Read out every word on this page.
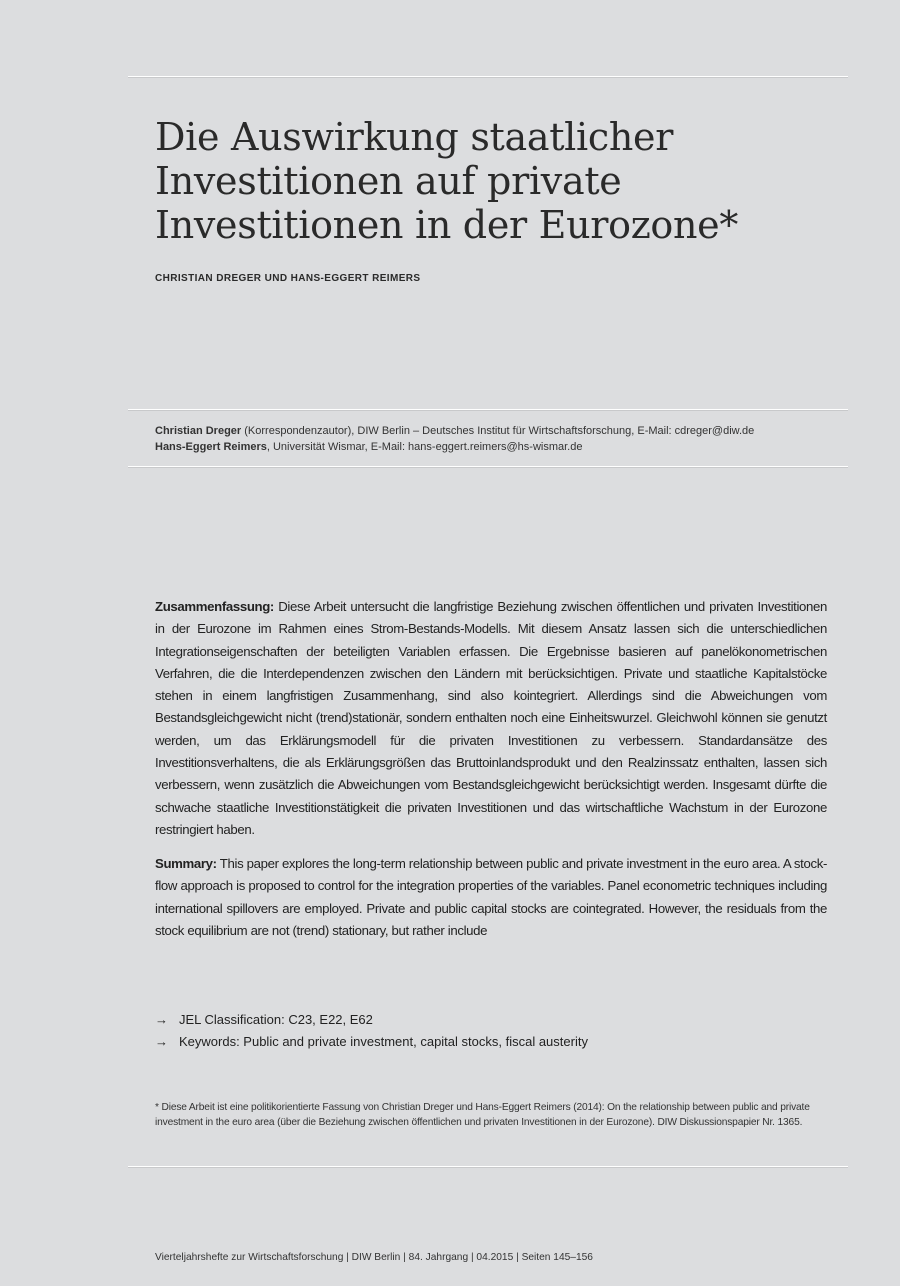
Die Auswirkung staatlicher
Investitionen auf private
Investitionen in der Eurozone*
CHRISTIAN DREGER UND HANS-EGGERT REIMERS
Christian Dreger (Korrespondenzautor), DIW Berlin – Deutsches Institut für Wirtschaftsforschung, E-Mail: cdreger@diw.de
Hans-Eggert Reimers, Universität Wismar, E-Mail: hans-eggert.reimers@hs-wismar.de

Zusammenfassung: Diese Arbeit untersucht die langfristige Beziehung zwischen öffentlichen und privaten Investitionen in der Eurozone im Rahmen eines Strom-Bestands-Modells. Mit diesem Ansatz lassen sich die unterschiedlichen Integrationseigenschaften der beteiligten Variablen erfassen. Die Ergebnisse basieren auf panelökonometrischen Verfahren, die die Interdependenzen zwischen den Ländern mit berücksichtigen. Private und staatliche Kapitalstöcke stehen in einem langfristigen Zusammenhang, sind also kointegriert. Allerdings sind die Abweichungen vom Bestandsgleichgewicht nicht (trend)stationär, sondern enthalten noch eine Einheitswurzel. Gleichwohl können sie genutzt werden, um das Erklärungsmodell für die privaten Investitionen zu verbessern. Standardansätze des Investitionsverhaltens, die als Erklärungsgrößen das Bruttoinlandsprodukt und den Realzinssatz enthalten, lassen sich verbessern, wenn zusätzlich die Abweichungen vom Bestandsgleichgewicht berücksichtigt werden. Insgesamt dürfte die schwache staatliche Investitionstätigkeit die privaten Investitionen und das wirtschaftliche Wachstum in der Eurozone restringiert haben.

Summary: This paper explores the long-term relationship between public and private investment in the euro area. A stock-flow approach is proposed to control for the integration properties of the variables. Panel econometric techniques including international spillovers are employed. Private and public capital stocks are cointegrated. However, the residuals from the stock equilibrium are not (trend) stationary, but rather include
→ JEL Classification: C23, E22, E62
→ Keywords: Public and private investment, capital stocks, fiscal austerity
* Diese Arbeit ist eine politikorientierte Fassung von Christian Dreger und Hans-Eggert Reimers (2014): On the relationship between public and private investment in the euro area (über die Beziehung zwischen öffentlichen und privaten Investitionen in der Eurozone). DIW Diskussionspapier Nr. 1365.
Vierteljahrshefte zur Wirtschaftsforschung | DIW Berlin | 84. Jahrgang | 04.2015 | Seiten 145–156
